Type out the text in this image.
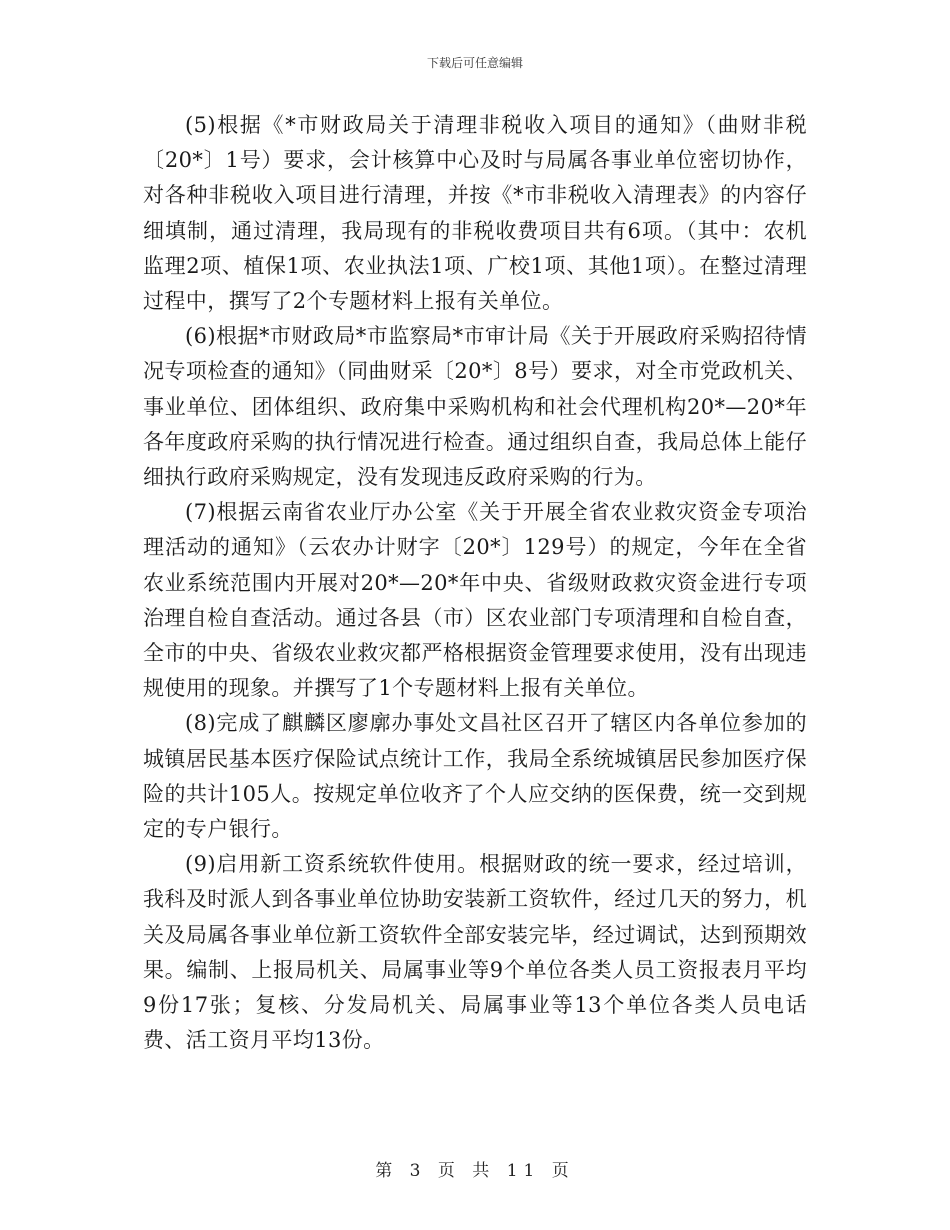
下载后可任意编辑

(5)根据《*市财政局关于清理非税收入项目的通知》（曲财非税〔20*〕1号）要求，会计核算中心及时与局属各事业单位密切协作，对各种非税收入项目进行清理，并按《*市非税收入清理表》的内容仔细填制，通过清理，我局现有的非税收费项目共有6项。（其中：农机监理2项、植保1项、农业执法1项、广校1项、其他1项）。在整过清理过程中，撰写了2个专题材料上报有关单位。

(6)根据*市财政局*市监察局*市审计局《关于开展政府采购招待情况专项检查的通知》（同曲财采〔20*〕8号）要求，对全市党政机关、事业单位、团体组织、政府集中采购机构和社会代理机构20*—20*年各年度政府采购的执行情况进行检查。通过组织自查，我局总体上能仔细执行政府采购规定，没有发现违反政府采购的行为。

(7)根据云南省农业厅办公室《关于开展全省农业救灾资金专项治理活动的通知》（云农办计财字〔20*〕129号）的规定，今年在全省农业系统范围内开展对20*—20*年中央、省级财政救灾资金进行专项治理自检自查活动。通过各县（市）区农业部门专项清理和自检自查，全市的中央、省级农业救灾都严格根据资金管理要求使用，没有出现违规使用的现象。并撰写了1个专题材料上报有关单位。

(8)完成了麒麟区廖廓办事处文昌社区召开了辖区内各单位参加的城镇居民基本医疗保险试点统计工作，我局全系统城镇居民参加医疗保险的共计105人。按规定单位收齐了个人应交纳的医保费，统一交到规定的专户银行。

(9)启用新工资系统软件使用。根据财政的统一要求，经过培训，我科及时派人到各事业单位协助安装新工资软件，经过几天的努力，机关及局属各事业单位新工资软件全部安装完毕，经过调试，达到预期效果。编制、上报局机关、局属事业等9个单位各类人员工资报表月平均9份17张；复核、分发局机关、局属事业等13个单位各类人员电话费、活工资月平均13份。

第 3 页 共 11 页
